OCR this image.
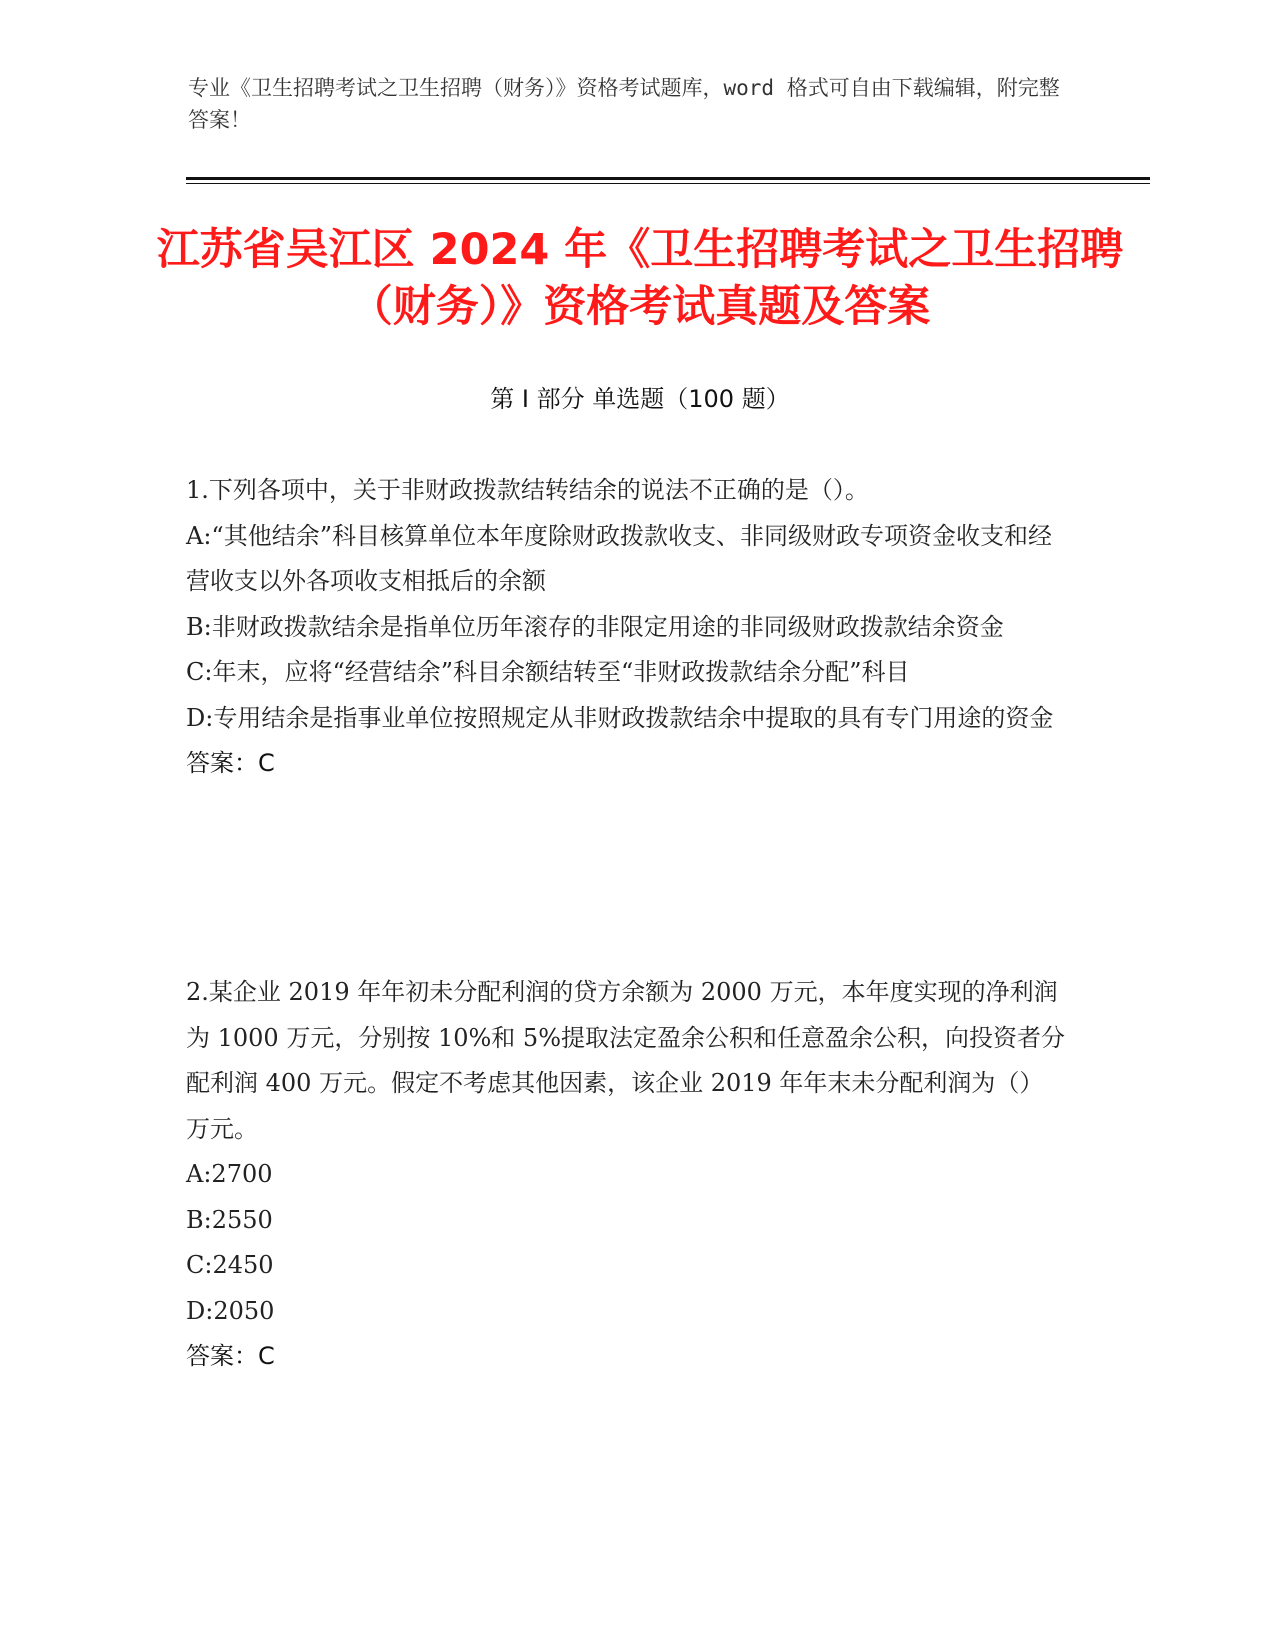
专业《卫生招聘考试之卫生招聘（财务）》资格考试题库，word 格式可自由下载编辑，附完整答案！
江苏省吴江区 2024 年《卫生招聘考试之卫生招聘（财务）》资格考试真题及答案
第 I 部分 单选题（100 题）
1.下列各项中，关于非财政拨款结转结余的说法不正确的是（）。
A:“其他结余”科目核算单位本年度除财政拨款收支、非同级财政专项资金收支和经营收支以外各项收支相抵后的余额
B:非财政拨款结余是指单位历年滚存的非限定用途的非同级财政拨款结余资金
C:年末，应将“经营结余”科目余额结转至“非财政拨款结余分配”科目
D:专用结余是指事业单位按照规定从非财政拨款结余中提取的具有专门用途的资金
答案：C
2.某企业 2019 年年初未分配利润的贷方余额为 2000 万元，本年度实现的净利润为 1000 万元，分别按 10%和 5%提取法定盈余公积和任意盈余公积，向投资者分配利润 400 万元。假定不考虑其他因素，该企业 2019 年年末未分配利润为（）万元。
A:2700
B:2550
C:2450
D:2050
答案：C
